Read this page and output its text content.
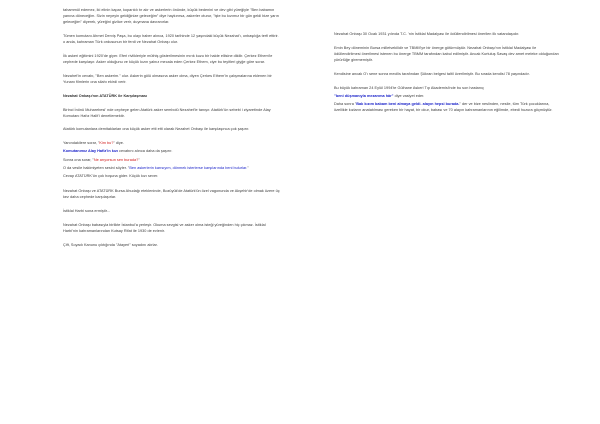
tahammül edemez, iki elinin kapar, koparıldı tır alır ve askerlerin önünde, küçük bedenini ve dev gibi yüreğiyle "Ben babamın yanına döneceğim. Sizin neyeyin geldiğinize geleceğim" diye haykırırsa, askerler oturur, "işte bu kızımız bir gün geldi bize yarın geleceğim" diyerek, yüreğini gizlice verir, duymana davranırlar.

Tümen komutanı Ahmet Derviş Paşa, bu olayı haber alınca, 1920 tarihinde 12 yaşındaki küçük Nezahat'ı, onbaşılığa terfi ettirir. o anda, kahraman Türk ordusunun bir ferdi ve Nezahat Onbaşı olur.

İlk askeri eğitimini 1920'de giyer. Eferi rivlikleriyle müthiş gösterilmesinin mırık kuzu bir halde ellisine dikilir. Çerkez Ethem'le cephede karşılaşır. Asker olduğunu ve küçük kızın yalnız mecala eden Çerkez Ethem, ciye bu teyitleri giyğe göre sorar.

Nezahet'in cevabı, "Ben askerim." olur. Askerin gölü olmasına asker olma, diyen Çerkes Ethem'in çalışmalarına eklenen bir Yunanı filmlerin ona silahı ekirdi verir.

Nezahat Onbaşı'nın ATATÜRK ile Karşılaşması

Birinci İnönü Muharebesi' nde cepheye gelen Atatürk asker sembolü Nezahet'le tanışır. Atatürk'ün sebebi i ziyaretinde Alay Komutanı Hafız Halit'i denetlemektir.

Atatürk komutanlara demitaklarlan ona küçük asker etti etti olarak Nezahet Onbaşı ile karşılaşınca çok şaşırır.

Yanındakilere sorar, "Kim bu?" diye.

Komutanımız Alay Hafiz'in kızı cevabını alınca daha da şaşırır.

Sonra ona sorar, "Ne arıyorsun sen burada?"

O da vesile hakimiyeten sesini söyler. "Ben askerlerin karısıyım, dönmek isterlerse karşılarında beni bulurlar."

Cevap ATATÜRK'ün çok hoşuna gider. Küçük kızı sever.

Nezahat Onbaşı ve ATATÜRK Bursa Ahudağı etekleninde, Bozüyük'de Atatürk'ün özel vagonunda ve Akşehir'de olmak üzere üç kez daha cephede karşılaşırlar.

İstiklal Harbi sona ermiştir...

Nezahat Onbaşı babasıyla birlikte İstanbul'a yerleşir. Okuma sevgisi ve asker olma isteği yüreğinden hiç çıkmaz. İstiklal Harbi'nin kahramanlarından Kutsay Rifat ile 1930 de evlenir.

Çift, Soyadı Kanunu çıktığında "Atayeri" soyadını alırlar.

Nezahat Onbaşı 30 Ocak 1931 yılında T.C. 'nin İstiklal Madalyası ile ödüllendirilmesi önerilen ilk vatandaşıdır.

Emin Bey döneminin Bursa milletvekilidir ve TBMM'ye bir önerge götürmüştür. Nezahat Onbaşı'nın İstiklal Madalyası ile ödüllendirilmesi önerilmesi istenen bu önerge TBMM tarafından kabul edilmiştir. Ancak Kurtuluş Savaş dev amet meleke olduğundan yürürlüğe girememiştir.

Kendisine ancak O'ı sene sonra mecilis tarafından Şükran belgesi taltil üverilmiştir. Bu sırada kendisi 78 yaşındadır.

Bu büyük kahraman 24 Eylül 1994'te Gülhane Askeri Tıp Akademisi'nde bu son hastanıç

"beni düşmanıyla mezarıma hâr" diye vasiyet eder.

Daha sonra "Bak kızım babam beni almaya geldi. alayın hepsi burada." der ve bize neslinden, nesile, tüm Türk çocuklarına, özellikle kızların anatatılması gereken bir hayat, bir okur, babası ve 70 alayın kahramanlarının eğilimde, ebedi huzura göçmüştür.
